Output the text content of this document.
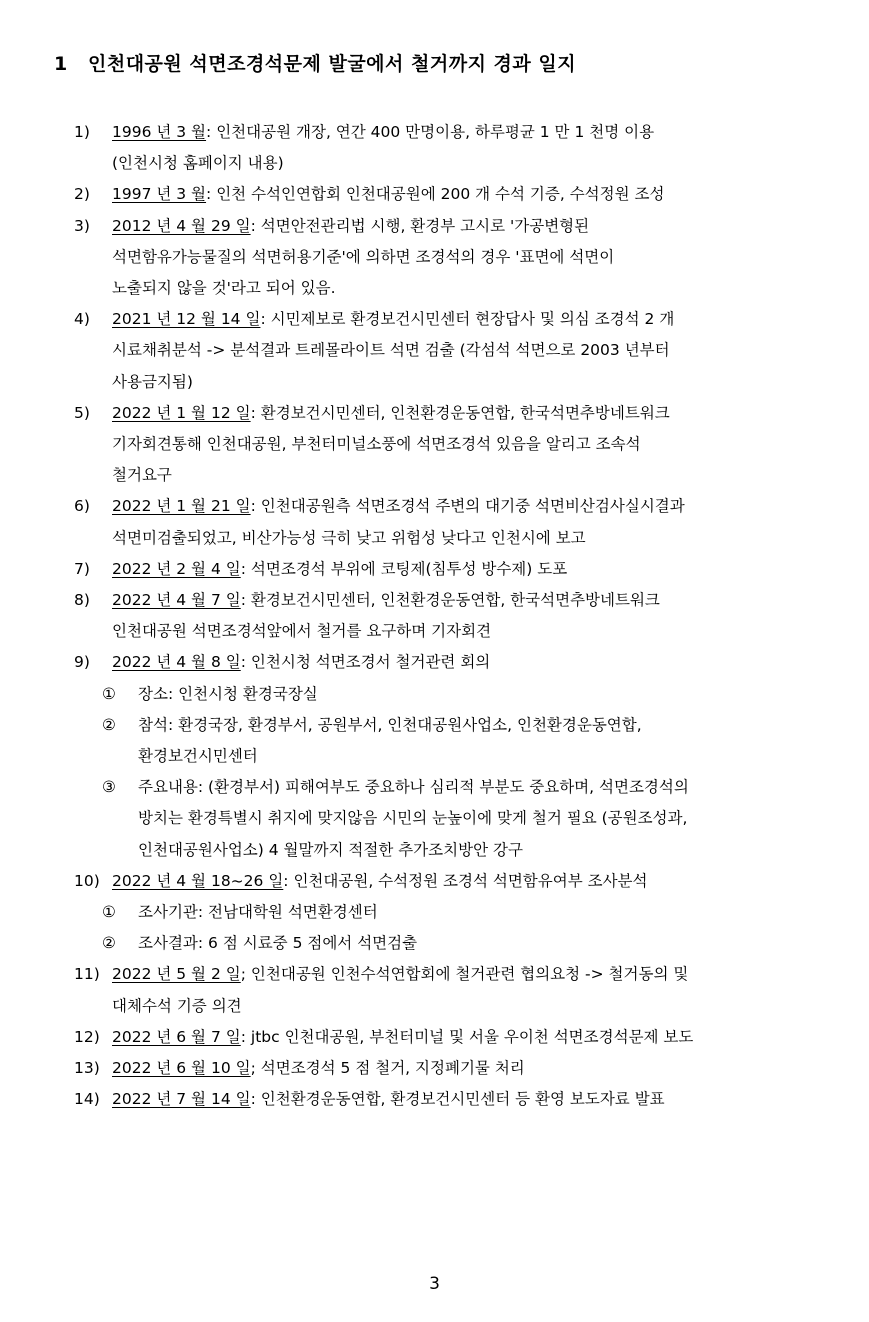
1 인천대공원 석면조경석문제 발굴에서 철거까지 경과 일지
1) 1996 년 3 월: 인천대공원 개장, 연간 400 만명이용, 하루평균 1 만 1 천명 이용
(인천시청 홈페이지 내용)
2) 1997 년 3 월: 인천 수석인연합회 인천대공원에 200 개 수석 기증, 수석정원 조성
3) 2012 년 4 월 29 일: 석면안전관리법 시행, 환경부 고시로 '가공변형된
석면함유가능물질의 석면허용기준'에 의하면 조경석의 경우 '표면에 석면이
노출되지 않을 것'라고 되어 있음.
4) 2021 년 12 월 14 일: 시민제보로 환경보건시민센터 현장답사 및 의심 조경석 2 개
시료채취분석 -> 분석결과 트레몰라이트 석면 검출 (각섬석 석면으로 2003 년부터
사용금지됨)
5) 2022 년 1 월 12 일: 환경보건시민센터, 인천환경운동연합, 한국석면추방네트워크
기자회견통해 인천대공원, 부천터미널소풍에 석면조경석 있음을 알리고 조속석
철거요구
6) 2022 년 1 월 21 일: 인천대공원측 석면조경석 주변의 대기중 석면비산검사실시결과
석면미검출되었고, 비산가능성 극히 낮고 위험성 낮다고 인천시에 보고
7) 2022 년 2 월 4 일: 석면조경석 부위에 코팅제(침투성 방수제) 도포
8) 2022 년 4 월 7 일: 환경보건시민센터, 인천환경운동연합, 한국석면추방네트워크
인천대공원 석면조경석앞에서 철거를 요구하며 기자회견
9) 2022 년 4 월 8 일: 인천시청 석면조경서 철거관련 회의
① 장소: 인천시청 환경국장실
② 참석: 환경국장, 환경부서, 공원부서, 인천대공원사업소, 인천환경운동연합,
환경보건시민센터
③ 주요내용: (환경부서) 피해여부도 중요하나 심리적 부분도 중요하며, 석면조경석의
방치는 환경특별시 취지에 맞지않음 시민의 눈높이에 맞게 철거 필요 (공원조성과,
인천대공원사업소) 4 월말까지 적절한 추가조치방안 강구
10) 2022 년 4 월 18~26 일: 인천대공원, 수석정원 조경석 석면함유여부 조사분석
① 조사기관: 전남대학원 석면환경센터
② 조사결과: 6 점 시료중 5 점에서 석면검출
11) 2022 년 5 월 2 일; 인천대공원 인천수석연합회에 철거관련 협의요청 -> 철거동의 및
대체수석 기증 의견
12) 2022 년 6 월 7 일: jtbc 인천대공원, 부천터미널 및 서울 우이천 석면조경석문제 보도
13) 2022 년 6 월 10 일; 석면조경석 5 점 철거, 지정폐기물 처리
14) 2022 년 7 월 14 일: 인천환경운동연합, 환경보건시민센터 등 환영 보도자료 발표
3
